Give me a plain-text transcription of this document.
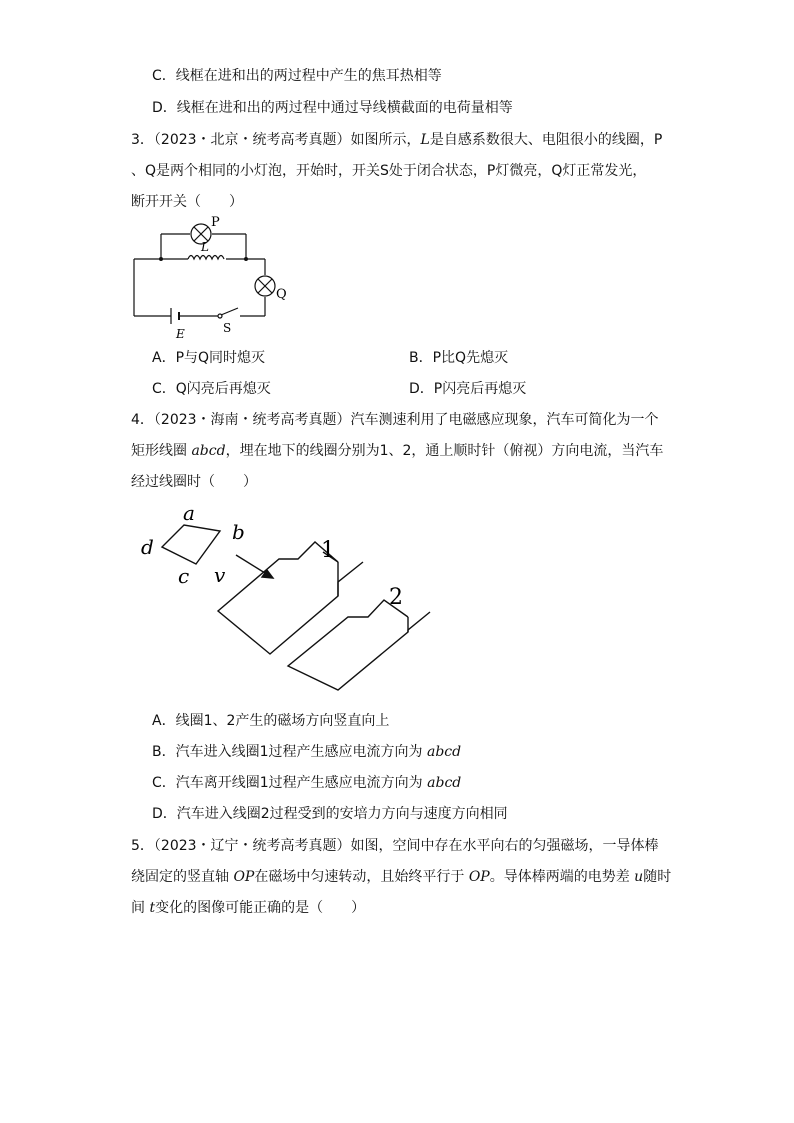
C．线框在进和出的两过程中产生的焦耳热相等
D．线框在进和出的两过程中通过导线横截面的电荷量相等
3．（2023・北京・统考高考真题）如图所示，L是自感系数很大、电阻很小的线圈，P
、Q是两个相同的小灯泡，开始时，开关S处于闭合状态，P灯微亮，Q灯正常发光，
断开开关（　　）
P
L
Q
E	S
A．P与Q同时熄灭	B．P比Q先熄灭
C．Q闪亮后再熄灭	D．P闪亮后再熄灭
4．（2023・海南・统考高考真题）汽车测速利用了电磁感应现象，汽车可简化为一个
矩形线圈 abcd，埋在地下的线圈分别为1、2，通上顺时针（俯视）方向电流，当汽车
经过线圈时（　　）
a
b
c
d
v
1
2
A．线圈1、2产生的磁场方向竖直向上
B．汽车进入线圈1过程产生感应电流方向为 abcd
C．汽车离开线圈1过程产生感应电流方向为 abcd
D．汽车进入线圈2过程受到的安培力方向与速度方向相同
5．（2023・辽宁・统考高考真题）如图，空间中存在水平向右的匀强磁场，一导体棒
绕固定的竖直轴 OP在磁场中匀速转动，且始终平行于 OP。导体棒两端的电势差 u随时
间 t变化的图像可能正确的是（　　）
